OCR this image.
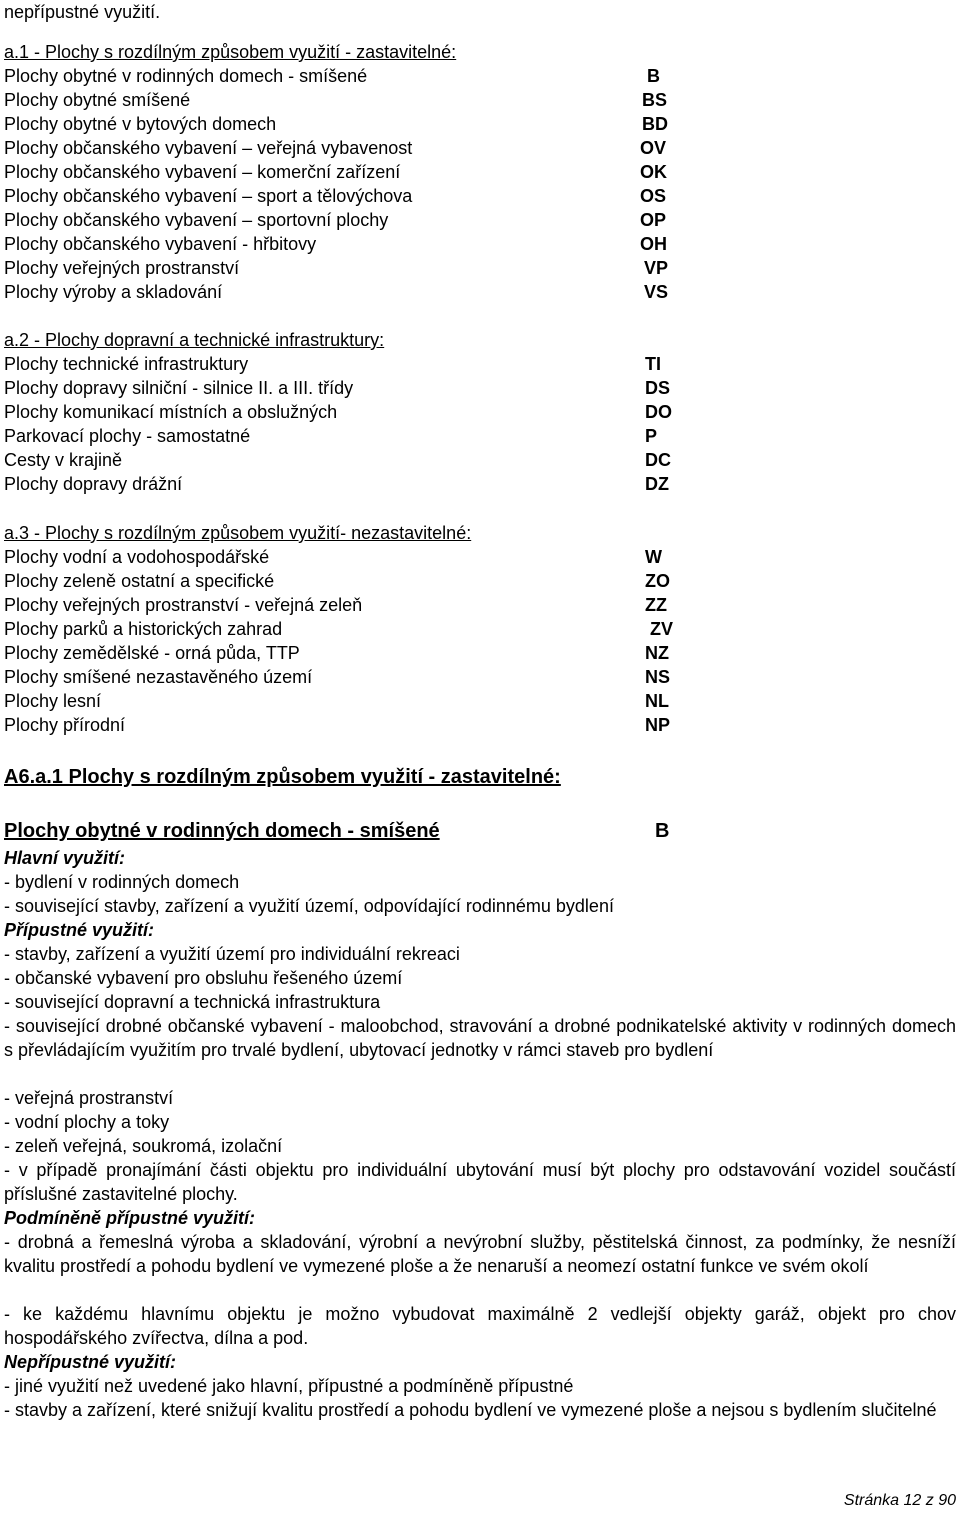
nepřípustné využití.
a.1 - Plochy s rozdílným způsobem využití - zastavitelné:
Plochy obytné v rodinných domech - smíšené	B
Plochy obytné smíšené	BS
Plochy obytné v bytových domech	BD
Plochy občanského vybavení – veřejná vybavenost	OV
Plochy občanského vybavení – komerční zařízení	OK
Plochy občanského vybavení – sport a tělovýchova	OS
Plochy občanského vybavení – sportovní plochy	OP
Plochy občanského vybavení - hřbitovy	OH
Plochy veřejných prostranství	VP
Plochy výroby a skladování	VS
a.2 - Plochy dopravní a technické infrastruktury:
Plochy technické infrastruktury	TI
Plochy dopravy silniční - silnice II. a III. třídy	DS
Plochy komunikací místních a obslužných	DO
Parkovací plochy - samostatné	P
Cesty v krajině	DC
Plochy dopravy drážní	DZ
a.3 - Plochy s rozdílným způsobem využití- nezastavitelné:
Plochy vodní a vodohospodářské	W
Plochy zeleně ostatní a specifické	ZO
Plochy veřejných prostranství - veřejná zeleň	ZZ
Plochy parků a historických zahrad	ZV
Plochy zemědělské - orná půda, TTP	NZ
Plochy smíšené nezastavěného území	NS
Plochy lesní	NL
Plochy přírodní	NP
A6.a.1 Plochy s rozdílným způsobem využití - zastavitelné:
Plochy obytné v rodinných domech - smíšené	B
Hlavní využití:
- bydlení v rodinných domech
- související stavby, zařízení a využití území, odpovídající rodinnému bydlení
Přípustné využití:
- stavby, zařízení a využití území pro individuální rekreaci
- občanské vybavení pro obsluhu řešeného území
- související dopravní a technická infrastruktura
- související drobné občanské vybavení - maloobchod, stravování a drobné podnikatelské aktivity v rodinných domech s převládajícím využitím pro trvalé bydlení, ubytovací jednotky v rámci staveb pro bydlení
- veřejná prostranství
- vodní plochy a toky
- zeleň veřejná, soukromá, izolační
- v případě pronajímání části objektu pro individuální ubytování musí být plochy pro odstavování vozidel součástí příslušné zastavitelné plochy.
Podmíněně přípustné využití:
- drobná a řemeslná výroba a skladování, výrobní a nevýrobní služby, pěstitelská činnost, za podmínky, že nesníží kvalitu prostředí a pohodu bydlení ve vymezené ploše a že nenaruší a neomezí ostatní funkce ve svém okolí
- ke každému hlavnímu objektu je možno vybudovat maximálně 2 vedlejší objekty garáž, objekt pro chov hospodářského zvířectva, dílna a pod.
Nepřípustné využití:
- jiné využití než uvedené jako hlavní, přípustné a podmíněně přípustné
- stavby a zařízení, které snižují kvalitu prostředí a pohodu bydlení ve vymezené ploše a nejsou s bydlením slučitelné
Stránka 12 z 90
